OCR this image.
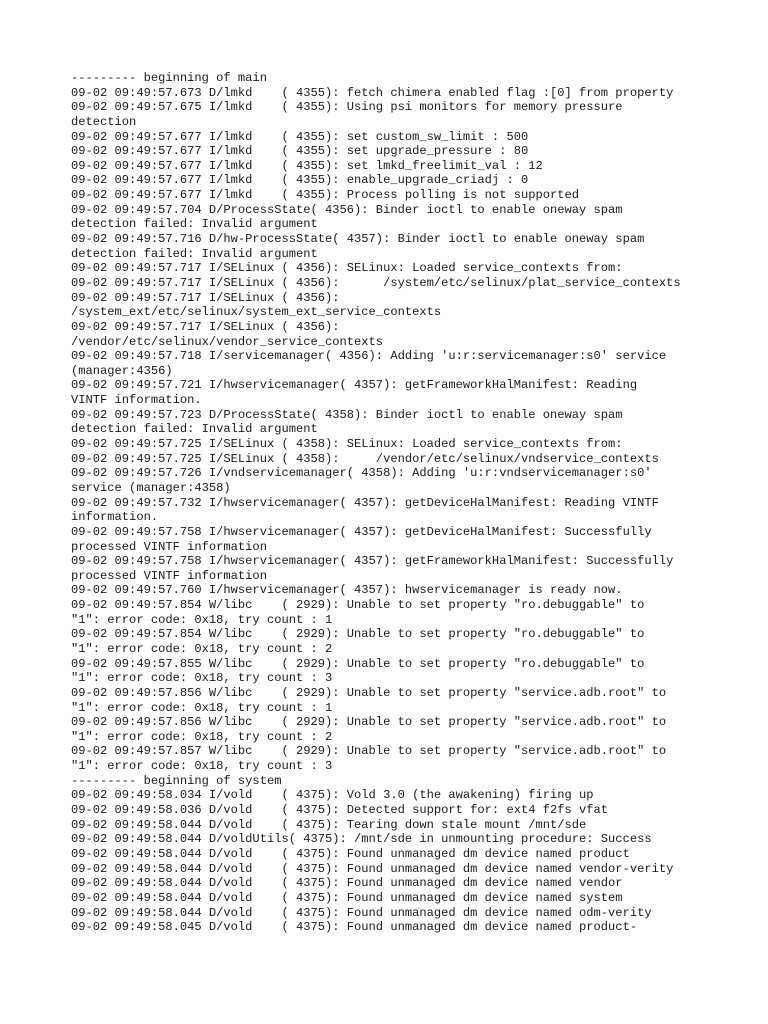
--------- beginning of main
09-02 09:49:57.673 D/lmkd    ( 4355): fetch chimera enabled flag :[0] from property
09-02 09:49:57.675 I/lmkd    ( 4355): Using psi monitors for memory pressure
detection
09-02 09:49:57.677 I/lmkd    ( 4355): set custom_sw_limit : 500
09-02 09:49:57.677 I/lmkd    ( 4355): set upgrade_pressure : 80
09-02 09:49:57.677 I/lmkd    ( 4355): set lmkd_freelimit_val : 12
09-02 09:49:57.677 I/lmkd    ( 4355): enable_upgrade_criadj : 0
09-02 09:49:57.677 I/lmkd    ( 4355): Process polling is not supported
09-02 09:49:57.704 D/ProcessState( 4356): Binder ioctl to enable oneway spam
detection failed: Invalid argument
09-02 09:49:57.716 D/hw-ProcessState( 4357): Binder ioctl to enable oneway spam
detection failed: Invalid argument
09-02 09:49:57.717 I/SELinux ( 4356): SELinux: Loaded service_contexts from:
09-02 09:49:57.717 I/SELinux ( 4356):      /system/etc/selinux/plat_service_contexts
09-02 09:49:57.717 I/SELinux ( 4356):
/system_ext/etc/selinux/system_ext_service_contexts
09-02 09:49:57.717 I/SELinux ( 4356):
/vendor/etc/selinux/vendor_service_contexts
09-02 09:49:57.718 I/servicemanager( 4356): Adding 'u:r:servicemanager:s0' service
(manager:4356)
09-02 09:49:57.721 I/hwservicemanager( 4357): getFrameworkHalManifest: Reading
VINTF information.
09-02 09:49:57.723 D/ProcessState( 4358): Binder ioctl to enable oneway spam
detection failed: Invalid argument
09-02 09:49:57.725 I/SELinux ( 4358): SELinux: Loaded service_contexts from:
09-02 09:49:57.725 I/SELinux ( 4358):     /vendor/etc/selinux/vndservice_contexts
09-02 09:49:57.726 I/vndservicemanager( 4358): Adding 'u:r:vndservicemanager:s0'
service (manager:4358)
09-02 09:49:57.732 I/hwservicemanager( 4357): getDeviceHalManifest: Reading VINTF
information.
09-02 09:49:57.758 I/hwservicemanager( 4357): getDeviceHalManifest: Successfully
processed VINTF information
09-02 09:49:57.758 I/hwservicemanager( 4357): getFrameworkHalManifest: Successfully
processed VINTF information
09-02 09:49:57.760 I/hwservicemanager( 4357): hwservicemanager is ready now.
09-02 09:49:57.854 W/libc    ( 2929): Unable to set property "ro.debuggable" to
"1": error code: 0x18, try count : 1
09-02 09:49:57.854 W/libc    ( 2929): Unable to set property "ro.debuggable" to
"1": error code: 0x18, try count : 2
09-02 09:49:57.855 W/libc    ( 2929): Unable to set property "ro.debuggable" to
"1": error code: 0x18, try count : 3
09-02 09:49:57.856 W/libc    ( 2929): Unable to set property "service.adb.root" to
"1": error code: 0x18, try count : 1
09-02 09:49:57.856 W/libc    ( 2929): Unable to set property "service.adb.root" to
"1": error code: 0x18, try count : 2
09-02 09:49:57.857 W/libc    ( 2929): Unable to set property "service.adb.root" to
"1": error code: 0x18, try count : 3
--------- beginning of system
09-02 09:49:58.034 I/vold    ( 4375): Vold 3.0 (the awakening) firing up
09-02 09:49:58.036 D/vold    ( 4375): Detected support for: ext4 f2fs vfat
09-02 09:49:58.044 D/vold    ( 4375): Tearing down stale mount /mnt/sde
09-02 09:49:58.044 D/voldUtils( 4375): /mnt/sde in unmounting procedure: Success
09-02 09:49:58.044 D/vold    ( 4375): Found unmanaged dm device named product
09-02 09:49:58.044 D/vold    ( 4375): Found unmanaged dm device named vendor-verity
09-02 09:49:58.044 D/vold    ( 4375): Found unmanaged dm device named vendor
09-02 09:49:58.044 D/vold    ( 4375): Found unmanaged dm device named system
09-02 09:49:58.044 D/vold    ( 4375): Found unmanaged dm device named odm-verity
09-02 09:49:58.045 D/vold    ( 4375): Found unmanaged dm device named product-
